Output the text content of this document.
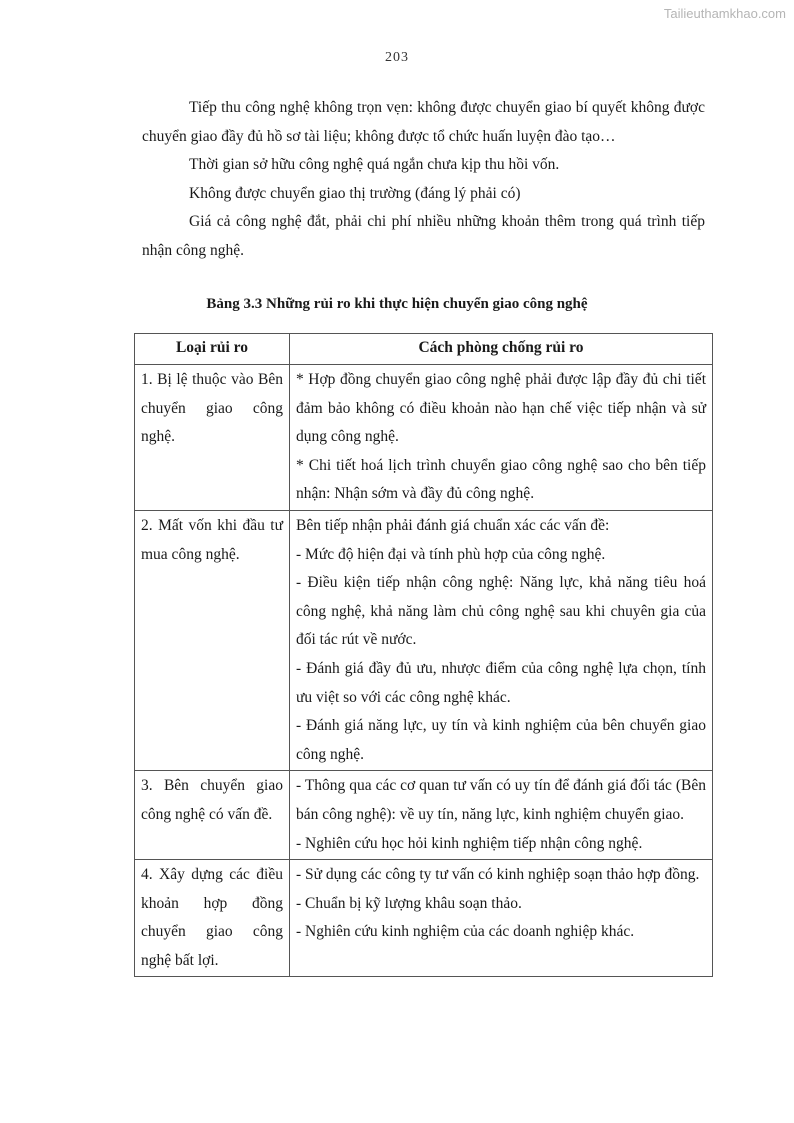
Tailieuthamkhao.com
203

Tiếp thu công nghệ không trọn vẹn: không được chuyển giao bí quyết không được chuyển giao đầy đủ hồ sơ tài liệu; không được tổ chức huấn luyện đào tạo…

Thời gian sở hữu công nghệ quá ngắn chưa kịp thu hồi vốn.

Không được chuyển giao thị trường (đáng lý phải có)

Giá cả công nghệ đắt, phải chi phí nhiều những khoản thêm trong quá trình tiếp nhận công nghệ.

Bảng 3.3 Những rủi ro khi thực hiện chuyển giao công nghệ
Loại rủi ro	Cách phòng chống rủi ro
1. Bị lệ thuộc vào Bên chuyển giao công nghệ.	* Hợp đồng chuyển giao công nghệ phải được lập đầy đủ chi tiết đảm bảo không có điều khoản nào hạn chế việc tiếp nhận và sử dụng công nghệ.
* Chi tiết hoá lịch trình chuyển giao công nghệ sao cho bên tiếp nhận: Nhận sớm và đầy đủ công nghệ.

2. Mất vốn khi đầu tư mua công nghệ.	Bên tiếp nhận phải đánh giá chuẩn xác các vấn đề:
- Mức độ hiện đại và tính phù hợp của công nghệ.
- Điều kiện tiếp nhận công nghệ: Năng lực, khả năng tiêu hoá công nghệ, khả năng làm chủ công nghệ sau khi chuyên gia của đối tác rút về nước.
- Đánh giá đầy đủ ưu, nhược điểm của công nghệ lựa chọn, tính ưu việt so với các công nghệ khác.
- Đánh giá năng lực, uy tín và kinh nghiệm của bên chuyển giao công nghệ.

3. Bên chuyển giao công nghệ có vấn đề.	- Thông qua các cơ quan tư vấn có uy tín để đánh giá đối tác (Bên bán công nghệ): về uy tín, năng lực, kinh nghiệm chuyển giao.
- Nghiên cứu học hỏi kinh nghiệm tiếp nhận công nghệ.

4. Xây dựng các điều khoản hợp đồng chuyển giao công nghệ bất lợi.	- Sử dụng các công ty tư vấn có kinh nghiệp soạn thảo hợp đồng.
- Chuẩn bị kỹ lượng khâu soạn thảo.
- Nghiên cứu kinh nghiệm của các doanh nghiệp khác.
